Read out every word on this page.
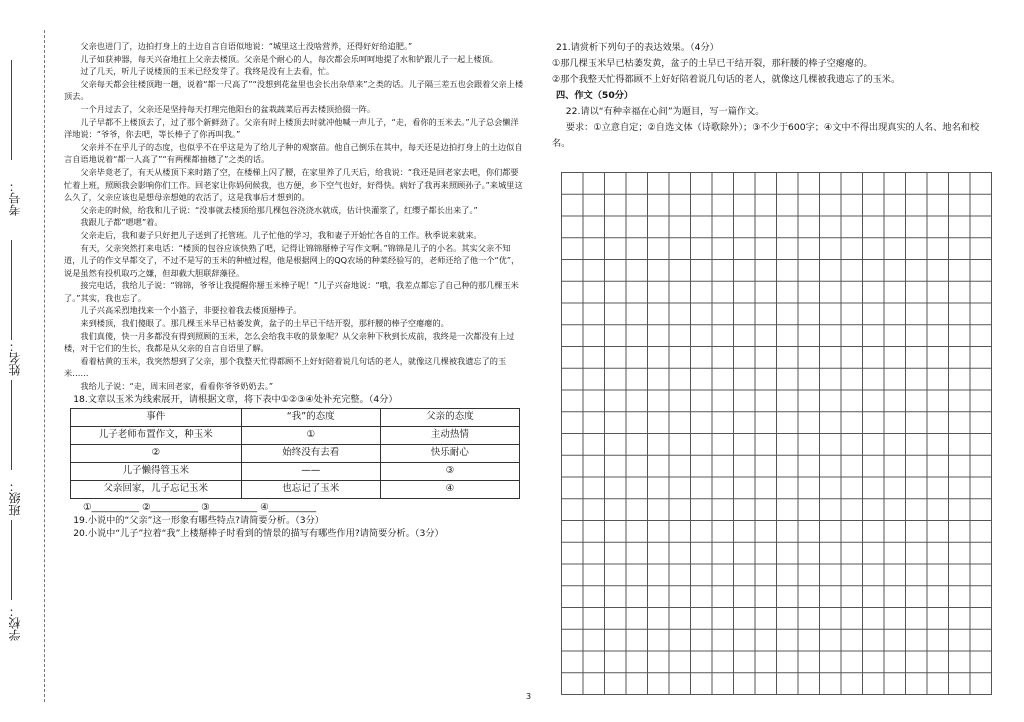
考号：
姓名：
班级：
学校：

父亲也进门了，边拍打身上的土边自言自语似地说：“城里这土没啥营养，还得好好给追肥。”

儿子如获神器，每天兴奋地扛上父亲去楼顶。父亲是个耐心的人，每次都会乐呵呵地提了水和铲跟儿子一起上楼顶。

过了几天，听儿子说楼顶的玉米已经发芽了。我终是没有上去看，忙。

父亲每天都会往楼顶跑一趟，说着“都一尺高了”“没想到花盆里也会长出杂草来”之类的话。儿子隔三差五也会跟着父亲上楼顶去。

一个月过去了，父亲还是坚持每天打理完他阳台的盆栽蔬菜后再去楼顶拾掇一阵。

儿子早都不上楼顶去了，过了那个新鲜劲了。父亲有时上楼顶去时就冲他喊一声儿子，“走，看你的玉米去。”儿子总会懒洋洋地说：“爷爷，你去吧，等长棒子了你再叫我。”

父亲并不在乎儿子的态度，也似乎不在乎这是为了给儿子种的观察苗。他自己倒乐在其中，每天还是边拍打身上的土边似自言自语地说着“都一人高了”“有两棵都抽穗了”之类的话。

父亲毕竟老了，有天从楼顶下来时踏了空，在楼梯上闪了腰，在家里养了几天后，给我说：“我还是回老家去吧，你们都要忙着上班，照顾我会影响你们工作。回老家让你妈伺候我，也方便，乡下空气也好，好得快。病好了我再来照顾孙子。”来城里这么久了，父亲应该也是想母亲想她的农活了，这是我事后才想到的。

父亲走的时候，给我和儿子说：“没事就去楼顶给那几棵包谷浇浇水就成，估计快灌浆了，红缨子都长出来了。”

我跟儿子都“嗯嗯”着。

父亲走后，我和妻子只好把儿子送到了托管班。儿子忙他的学习，我和妻子开始忙各自的工作。秋季说来就来。

有天，父亲突然打来电话：“楼顶的包谷应该快熟了吧，记得让锦锦掰棒子写作文啊。”锦锦是儿子的小名。其实父亲不知道，儿子的作文早都交了，不过不是写的玉米的种植过程，他是根据网上的QQ农场的种菜经验写的，老师还给了他一个“优”，说是虽然有投机取巧之嫌，但却截大胆联辞藻径。

接完电话，我给儿子说：“锦锦，爷爷让我提醒你掰玉米棒子呢！”儿子兴奋地说：“哦，我差点都忘了自己种的那几棵玉米了。”其实，我也忘了。

儿子兴高采烈地找来一个小篮子，非要拉着我去楼顶掰棒子。

来到楼顶，我们傻眼了。那几棵玉米早已枯萎发黄，盆子的土早已干结开裂，那秆腰的棒子空瘪瘪的。

我们真傻，快一月多都没有得到照顾的玉米，怎么会给我丰收的景象呢？从父亲种下秋到长成前，我终是一次都没有上过楼，对于它们的生长，我都是从父亲的自言自语里了解。

看着枯黄的玉米，我突然想到了父亲，那个我整天忙得都顾不上好好陪着说几句话的老人，就像这几棵被我遗忘了的玉米……

我给儿子说：“走，周末回老家，看看你爷爷奶奶去。”

18.文章以玉米为线索展开，请根据文章，将下表中①②③④处补充完整。（4分）

事件	“我”的态度	父亲的态度
儿子老师布置作文，种玉米	①	主动热情
②	始终没有去看	快乐耐心
儿子懒得管玉米	——	③
父亲回家，儿子忘记玉米	也忘记了玉米	④

①__________ ②__________ ③__________ ④__________

19.小说中的“父亲”这一形象有哪些特点?请简要分析。（3分）

20.小说中“儿子”拉着“我”上楼掰棒子时看到的情景的描写有哪些作用?请简要分析。（3分）

21.请赏析下列句子的表达效果。（4分）

①那几棵玉米早已枯萎发黄，盆子的土早已干结开裂，那秆腰的棒子空瘪瘪的。

②那个我整天忙得都顾不上好好陪着说几句话的老人，就像这几棵被我遗忘了的玉米。

四、作文（50分）

22.请以“有种幸福在心间”为题目，写一篇作文。

要求：①立意自定；②自选文体（诗歌除外）；③不少于600字；④文中不得出现真实的人名、地名和校名。

3
